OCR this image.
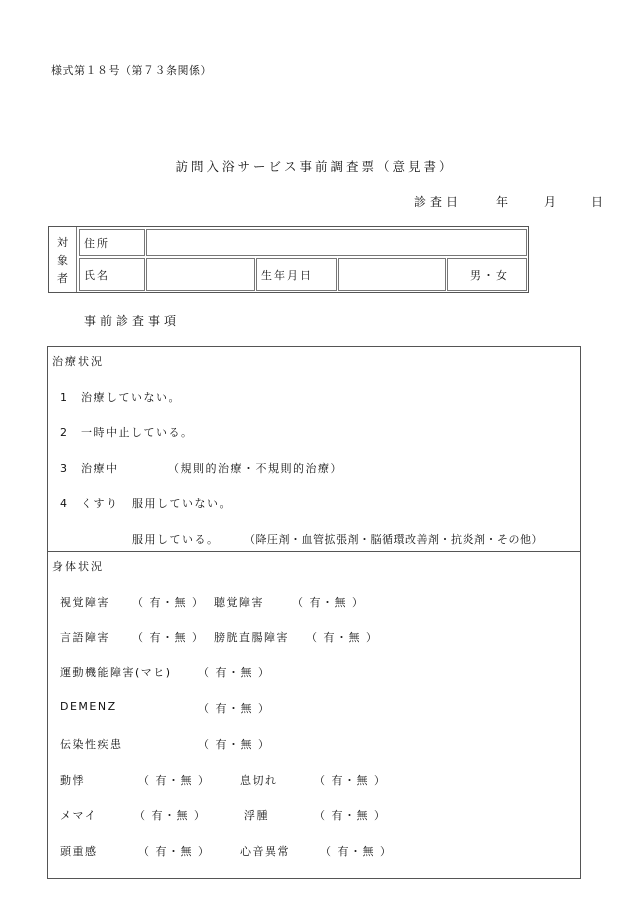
様式第１８号（第７３条関係）
訪問入浴サービス事前調査票（意見書）
診査日	年	月	日
対
象
者
住所
氏名	生年月日	男・女
事前診査事項
治療状況
1　治療していない。
2　一時中止している。
3　治療中	（規則的治療・不規則的治療）
4　くすり 服用していない。
服用している。 （降圧剤・血管拡張剤・脳循環改善剤・抗炎剤・その他）
身体状況
視覚障害 （ 有・無 ） 聴覚障害	（ 有・無 ）
言語障害 （ 有・無 ） 膀胱直腸障害 （ 有・無 ）
運動機能障害(マヒ) （ 有・無 ）
DEMENZ	（ 有・無 ）
伝染性疾患	（ 有・無 ）
動悸	（ 有・無 ）	息切れ	（ 有・無 ）
メマイ	（ 有・無 ）	浮腫	（ 有・無 ）
頭重感	（ 有・無 ）	心音異常	（ 有・無 ）
